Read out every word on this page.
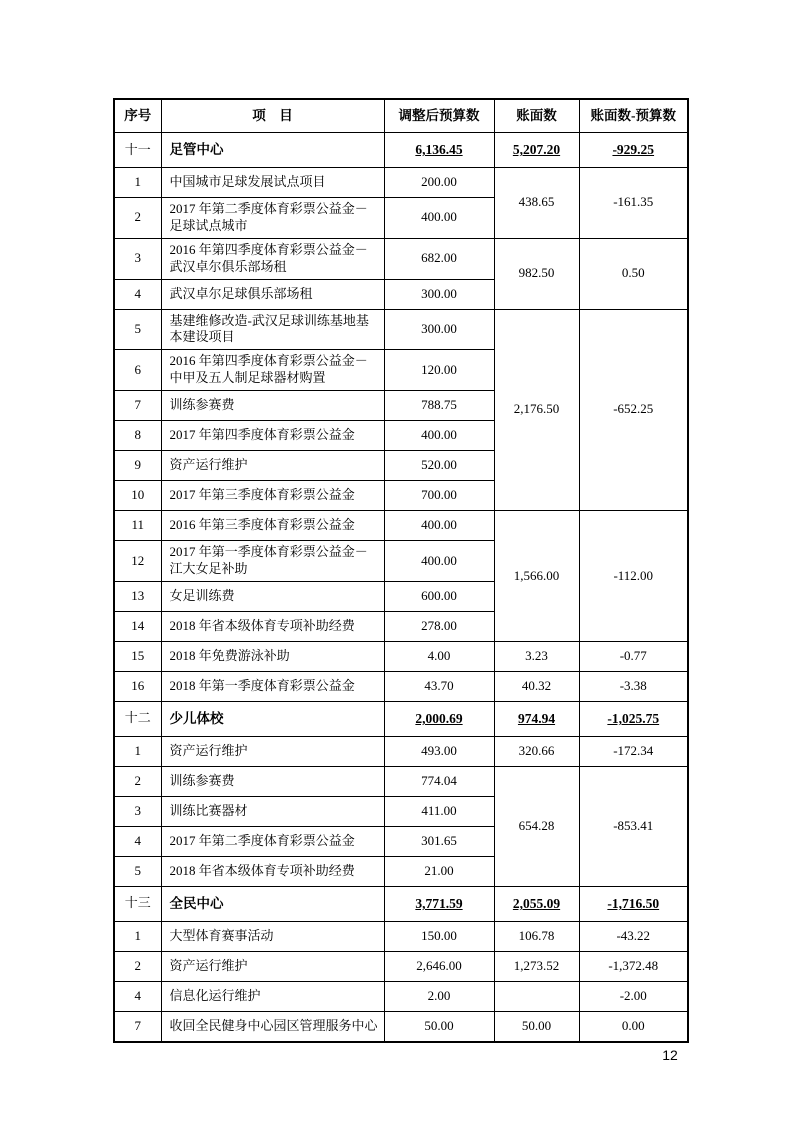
序号	项　目	调整后预算数	账面数	账面数-预算数
十一	足管中心	6,136.45	5,207.20	-929.25
1	中国城市足球发展试点项目	200.00	438.65	-161.35
2	2017 年第二季度体育彩票公益金－足球试点城市	400.00		
3	2016 年第四季度体育彩票公益金－武汉卓尔俱乐部场租	682.00	982.50	0.50
4	武汉卓尔足球俱乐部场租	300.00		
5	基建维修改造-武汉足球训练基地基本建设项目	300.00	2,176.50	-652.25
6	2016 年第四季度体育彩票公益金－中甲及五人制足球器材购置	120.00		
7	训练参赛费	788.75		
8	2017 年第四季度体育彩票公益金	400.00		
9	资产运行维护	520.00		
10	2017 年第三季度体育彩票公益金	700.00		
11	2016 年第三季度体育彩票公益金	400.00	1,566.00	-112.00
12	2017 年第一季度体育彩票公益金－江大女足补助	400.00		
13	女足训练费	600.00		
14	2018 年省本级体育专项补助经费	278.00		
15	2018 年免费游泳补助	4.00	3.23	-0.77
16	2018 年第一季度体育彩票公益金	43.70	40.32	-3.38
十二	少儿体校	2,000.69	974.94	-1,025.75
1	资产运行维护	493.00	320.66	-172.34
2	训练参赛费	774.04	654.28	-853.41
3	训练比赛器材	411.00		
4	2017 年第二季度体育彩票公益金	301.65		
5	2018 年省本级体育专项补助经费	21.00		
十三	全民中心	3,771.59	2,055.09	-1,716.50
1	大型体育赛事活动	150.00	106.78	-43.22
2	资产运行维护	2,646.00	1,273.52	-1,372.48
4	信息化运行维护	2.00		-2.00
7	收回全民健身中心园区管理服务中心	50.00	50.00	0.00
12
